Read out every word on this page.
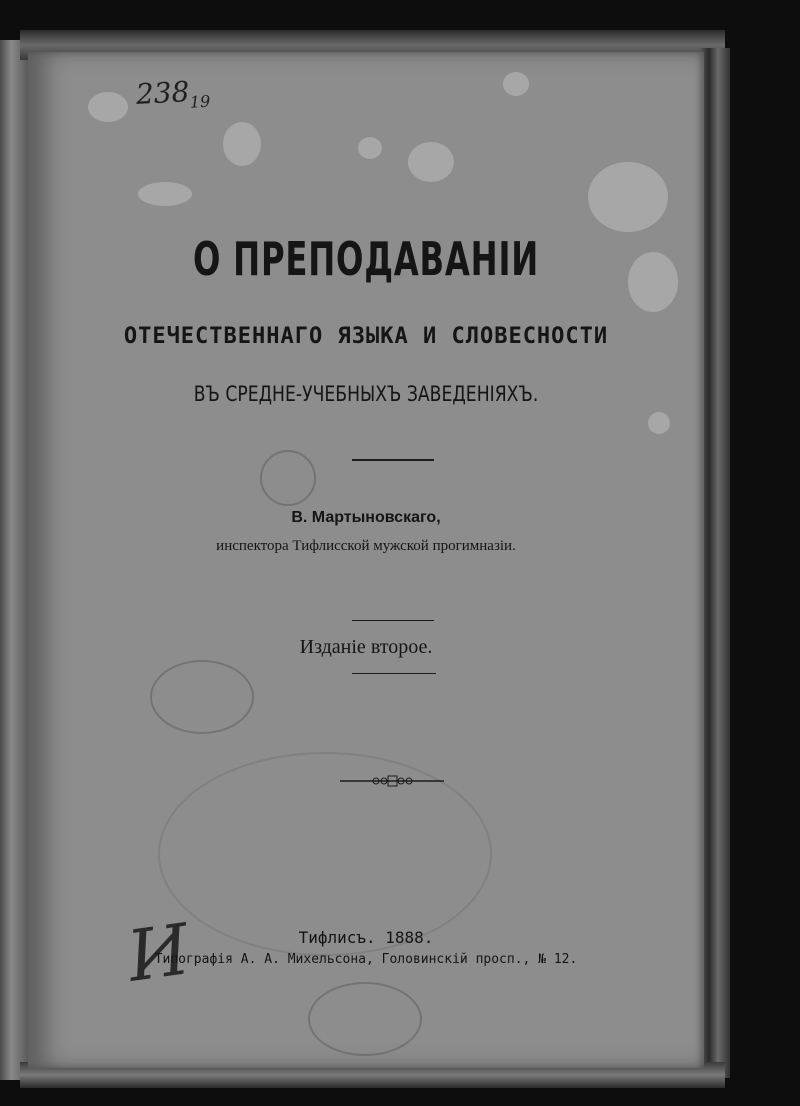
$238_{19}$
О ПРЕПОДАВАНІИ
ОТЕЧЕСТВЕННАГО ЯЗЫКА И СЛОВЕСНОСТИ
ВЪ СРЕДНЕ-УЧЕБНЫХЪ ЗАВЕДЕНІЯХЪ.
В. Мартыновскаго,
инспектора Тифлисской мужской прогимназіи.
Изданіе второе.
И	Тифлисъ. 1888.
Типографія А. А. Михельсона, Головинскій просп., № 12.
